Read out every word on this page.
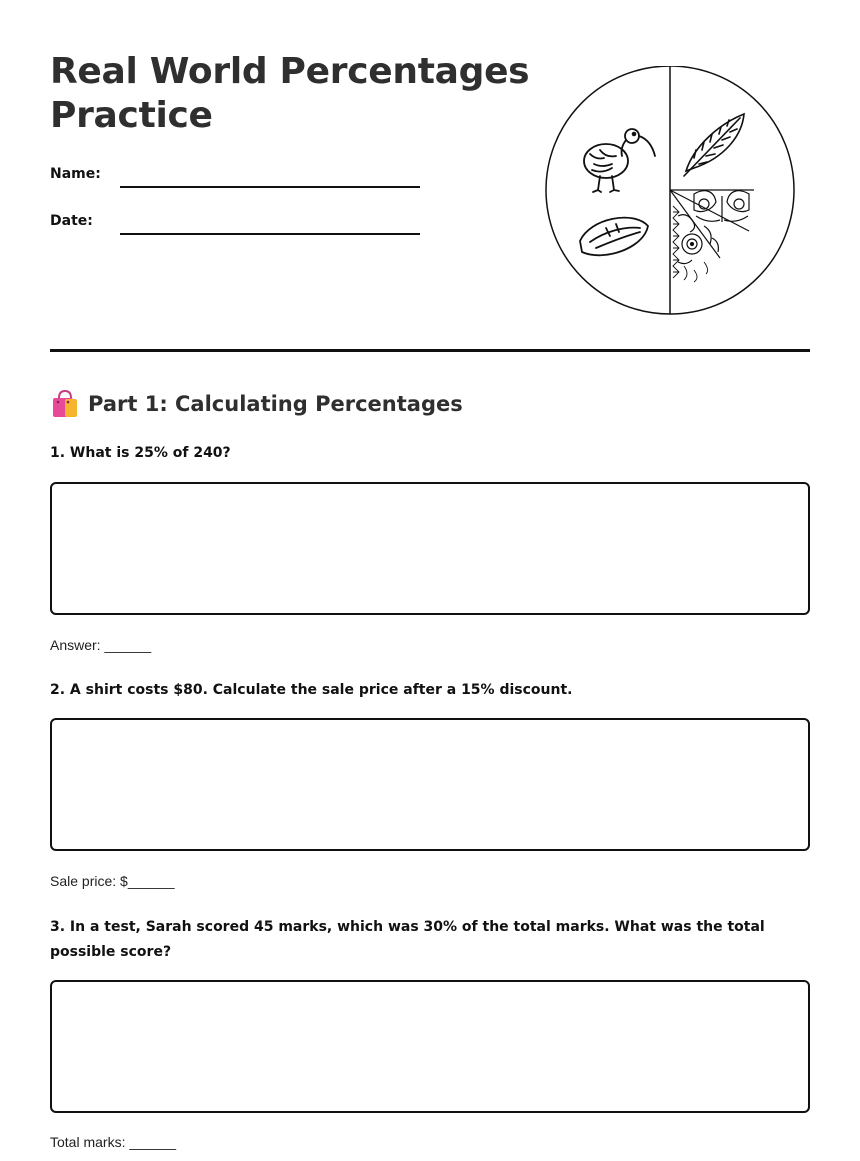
Real World Percentages Practice
Name:
Date:
Part 1: Calculating Percentages

1. What is 25% of 240?

Answer: ______

2. A shirt costs $80. Calculate the sale price after a 15% discount.

Sale price: $______

3. In a test, Sarah scored 45 marks, which was 30% of the total marks. What was the total possible score?

Total marks: ______
